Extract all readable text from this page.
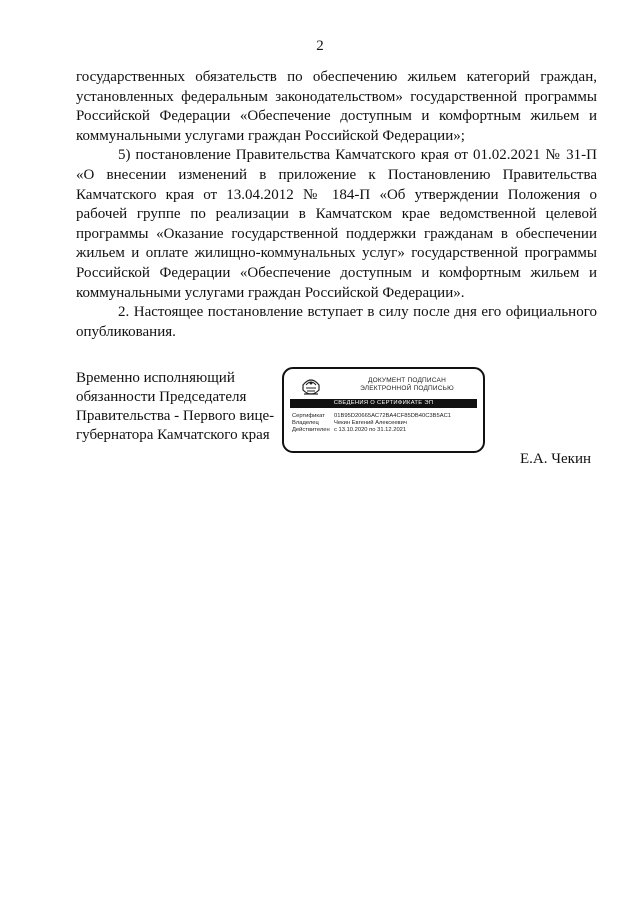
2

государственных обязательств по обеспечению жильем категорий граждан, установленных федеральным законодательством» государственной программы Российской Федерации «Обеспечение доступным и комфортным жильем и коммунальными услугами граждан Российской Федерации»;

5) постановление Правительства Камчатского края от 01.02.2021 № 31-П «О внесении изменений в приложение к Постановлению Правительства Камчатского края от 13.04.2012 № 184-П «Об утверждении Положения о рабочей группе по реализации в Камчатском крае ведомственной целевой программы «Оказание государственной поддержки гражданам в обеспечении жильем и оплате жилищно-коммунальных услуг» государственной программы Российской Федерации «Обеспечение доступным и комфортным жильем и коммунальными услугами граждан Российской Федерации».

2. Настоящее постановление вступает в силу после дня его официального опубликования.

Временно исполняющий
обязанности Председателя
Правительства - Первого вице-
губернатора Камчатского края
ДОКУМЕНТ ПОДПИСАН
ЭЛЕКТРОННОЙ ПОДПИСЬЮ
СВЕДЕНИЯ О СЕРТИФИКАТЕ ЭП
Сертификат	01B95D20665AC72BA4CF85DB40C3B5AC1
Владелец	Чекин Евгений Алексеевич
Действителен с 13.10.2020 по 31.12.2021
Е.А. Чекин
